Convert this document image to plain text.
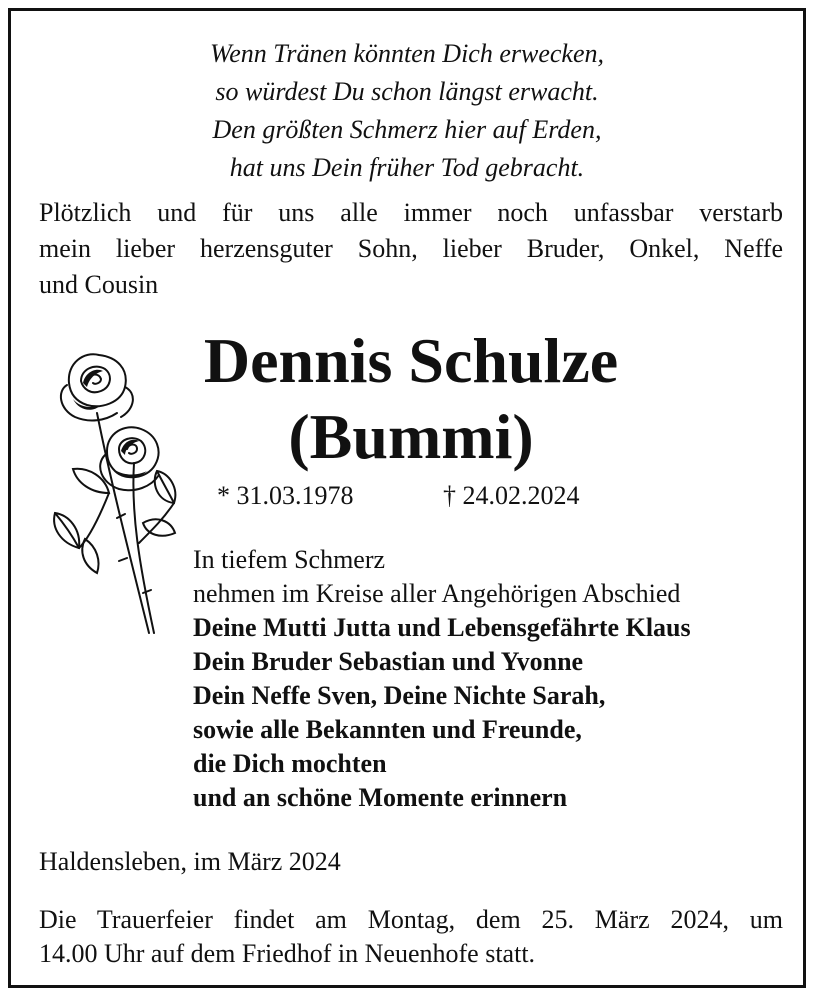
Wenn Tränen könnten Dich erwecken,
so würdest Du schon längst erwacht.
Den größten Schmerz hier auf Erden,
hat uns Dein früher Tod gebracht.
Plötzlich und für uns alle immer noch unfassbar verstarb
mein lieber herzensguter Sohn, lieber Bruder, Onkel, Neffe
und Cousin
Dennis Schulze
(Bummi)
* 31.03.1978	† 24.02.2024
In tiefem Schmerz
nehmen im Kreise aller Angehörigen Abschied
Deine Mutti Jutta und Lebensgefährte Klaus
Dein Bruder Sebastian und Yvonne
Dein Neffe Sven, Deine Nichte Sarah,
sowie alle Bekannten und Freunde,
die Dich mochten
und an schöne Momente erinnern
Haldensleben, im März 2024
Die Trauerfeier findet am Montag, dem 25. März 2024, um
14.00 Uhr auf dem Friedhof in Neuenhofe statt.
